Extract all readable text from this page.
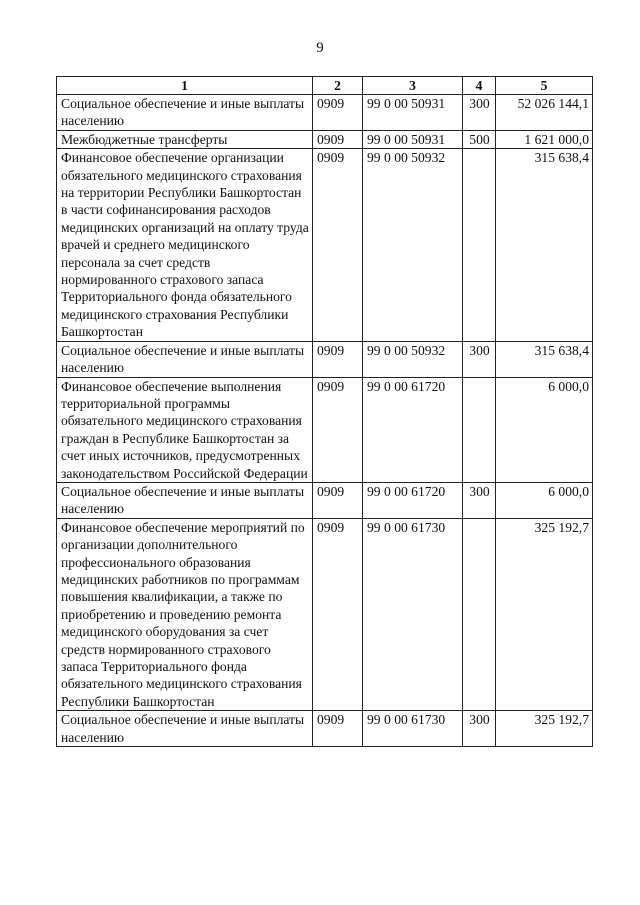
9
1	2	3	4	5
Социальное обеспечение и иные выплаты населению	0909	99 0 00 50931	300	52 026 144,1
Межбюджетные трансферты	0909	99 0 00 50931	500	1 621 000,0
Финансовое обеспечение организации обязательного медицинского страхования на территории Республики Башкортостан в части софинансирования расходов медицинских организаций на оплату труда врачей и среднего медицинского персонала за счет средств нормированного страхового запаса Территориального фонда обязательного медицинского страхования Республики Башкортостан	0909	99 0 00 50932		315 638,4
Социальное обеспечение и иные выплаты населению	0909	99 0 00 50932	300	315 638,4
Финансовое обеспечение выполнения территориальной программы обязательного медицинского страхования граждан в Республике Башкортостан за счет иных источников, предусмотренных законодательством Российской Федерации	0909	99 0 00 61720		6 000,0
Социальное обеспечение и иные выплаты населению	0909	99 0 00 61720	300	6 000,0
Финансовое обеспечение мероприятий по организации дополнительного профессионального образования медицинских работников по программам повышения квалификации, а также по приобретению и проведению ремонта медицинского оборудования за счет средств нормированного страхового запаса Территориального фонда обязательного медицинского страхования Республики Башкортостан	0909	99 0 00 61730		325 192,7
Социальное обеспечение и иные выплаты населению	0909	99 0 00 61730	300	325 192,7
